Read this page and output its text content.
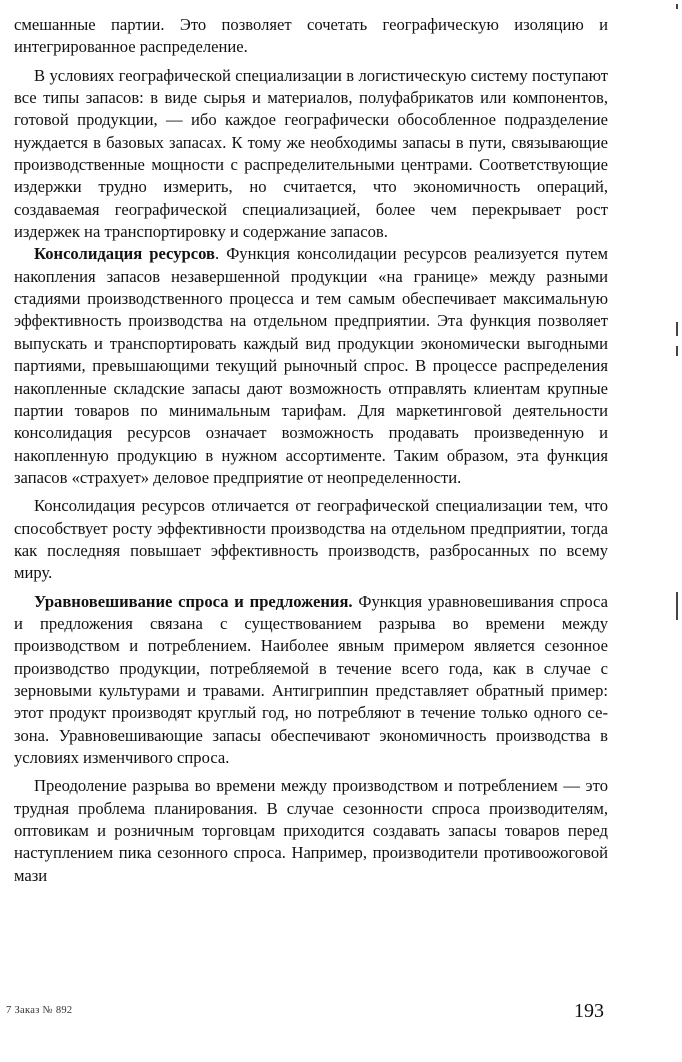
смешанные партии. Это позволяет сочетать географическую изоляцию и интегрированное распределение.

В условиях географической специализации в логистическую систему поступают все типы запасов: в виде сырья и материалов, полуфабрикатов или компонентов, готовой продукции, — ибо каждое географически обособленное подразделение нуждается в базовых запасах. К тому же необходимы запасы в пути, связывающие производственные мощности с распределительными центрами. Соответствующие издержки трудно измерить, но считается, что экономичность операций, создаваемая географической специализацией, более чем перекрывает рост издержек на транспортировку и содержание запасов.

Консолидация ресурсов. Функция консолидации ресурсов реализуется путем накопления запасов незавершенной продукции «на границе» между разными стадиями производственного процесса и тем самым обеспечивает максимальную эффективность производства на отдельном предприятии. Эта функция позволяет выпускать и транспортировать каждый вид продукции экономически выгодными партиями, превышающими текущий рыночный спрос. В процессе распределения накопленные складские запасы дают возможность отправлять клиентам крупные партии товаров по минимальным тарифам. Для маркетинговой деятельности консолидация ресурсов означает возможность продавать произведенную и накопленную продукцию в нужном ассортименте. Таким образом, эта функция запасов «страхует» деловое предприятие от неопределенности.

Консолидация ресурсов отличается от географической специализации тем, что способствует росту эффективности производства на отдельном предприятии, тогда как последняя повышает эффективность производств, разбросанных по всему миру.

Уравновешивание спроса и предложения. Функция уравновешивания спроса и предложения связана с существованием разрыва во времени между производством и потреблением. Наиболее явным примером является сезонное производство продукции, потребляемой в течение всего года, как в случае с зерновыми культурами и травами. Антигриппин представляет обратный пример: этот продукт производят круглый год, но потребляют в течение только одного сезона. Уравновешивающие запасы обеспечивают экономичность производства в условиях изменчивого спроса.

Преодоление разрыва во времени между производством и потреблением — это трудная проблема планирования. В случае сезонности спроса производителям, оптовикам и розничным торговцам приходится создавать запасы товаров перед наступлением пика сезонного спроса. Например, производители противоожоговой мази

7 Заказ № 892	193
